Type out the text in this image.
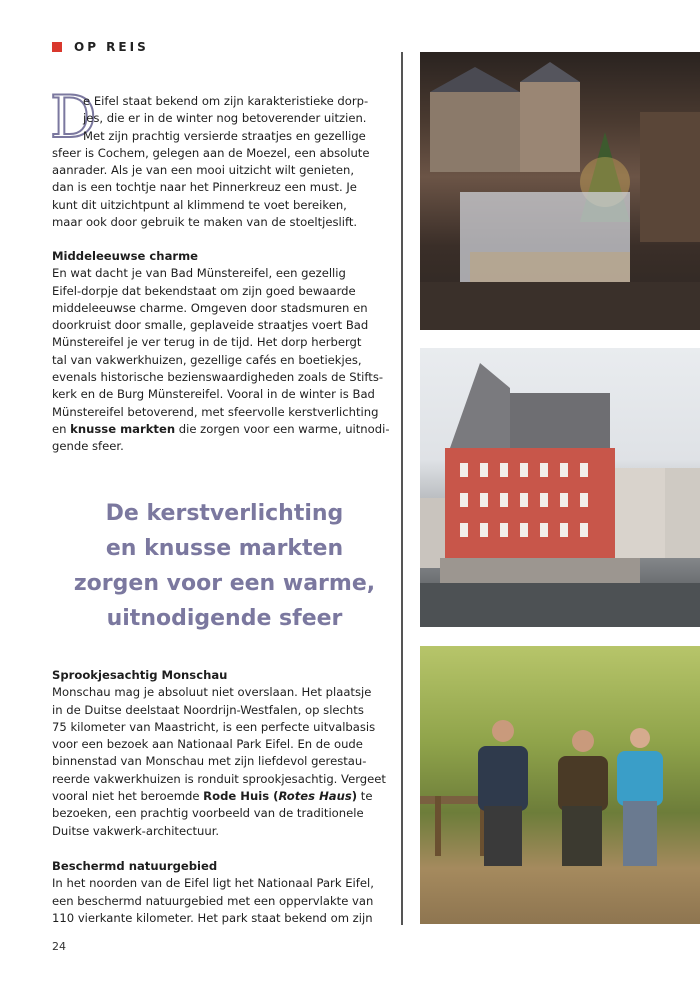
OP REIS
D
e Eifel staat bekend om zijn karakteristieke dorp-
jes, die er in de winter nog betoverender uitzien.
Met zijn prachtig versierde straatjes en gezellige
sfeer is Cochem, gelegen aan de Moezel, een absolute
aanrader. Als je van een mooi uitzicht wilt genieten,
dan is een tochtje naar het Pinnerkreuz een must. Je
kunt dit uitzichtpunt al klimmend te voet bereiken,
maar ook door gebruik te maken van de stoeltjeslift.
Middeleeuwse charme
En wat dacht je van Bad Münstereifel, een gezellig
Eifel-dorpje dat bekendstaat om zijn goed bewaarde
middeleeuwse charme. Omgeven door stadsmuren en
doorkruist door smalle, geplaveide straatjes voert Bad
Münstereifel je ver terug in de tijd. Het dorp herbergt
tal van vakwerkhuizen, gezellige cafés en boetiekjes,
evenals historische bezienswaardigheden zoals de Stifts-
kerk en de Burg Münstereifel. Vooral in de winter is Bad
Münstereifel betoverend, met sfeervolle kerstverlichting
en knusse markten die zorgen voor een warme, uitnodi-
gende sfeer.
Sprookjesachtig Monschau
Monschau mag je absoluut niet overslaan. Het plaatsje
in de Duitse deelstaat Noordrijn-Westfalen, op slechts
75 kilometer van Maastricht, is een perfecte uitvalbasis
voor een bezoek aan Nationaal Park Eifel. En de oude
binnenstad van Monschau met zijn liefdevol gerestau-
reerde vakwerkhuizen is ronduit sprookjesachtig. Vergeet
vooral niet het beroemde Rode Huis (Rotes Haus) te
bezoeken, een prachtig voorbeeld van de traditionele
Duitse vakwerk-architectuur.
Beschermd natuurgebied
In het noorden van de Eifel ligt het Nationaal Park Eifel,
een beschermd natuurgebied met een oppervlakte van
110 vierkante kilometer. Het park staat bekend om zijn
De kerstverlichting
en knusse markten
zorgen voor een warme,
uitnodigende sfeer
24
